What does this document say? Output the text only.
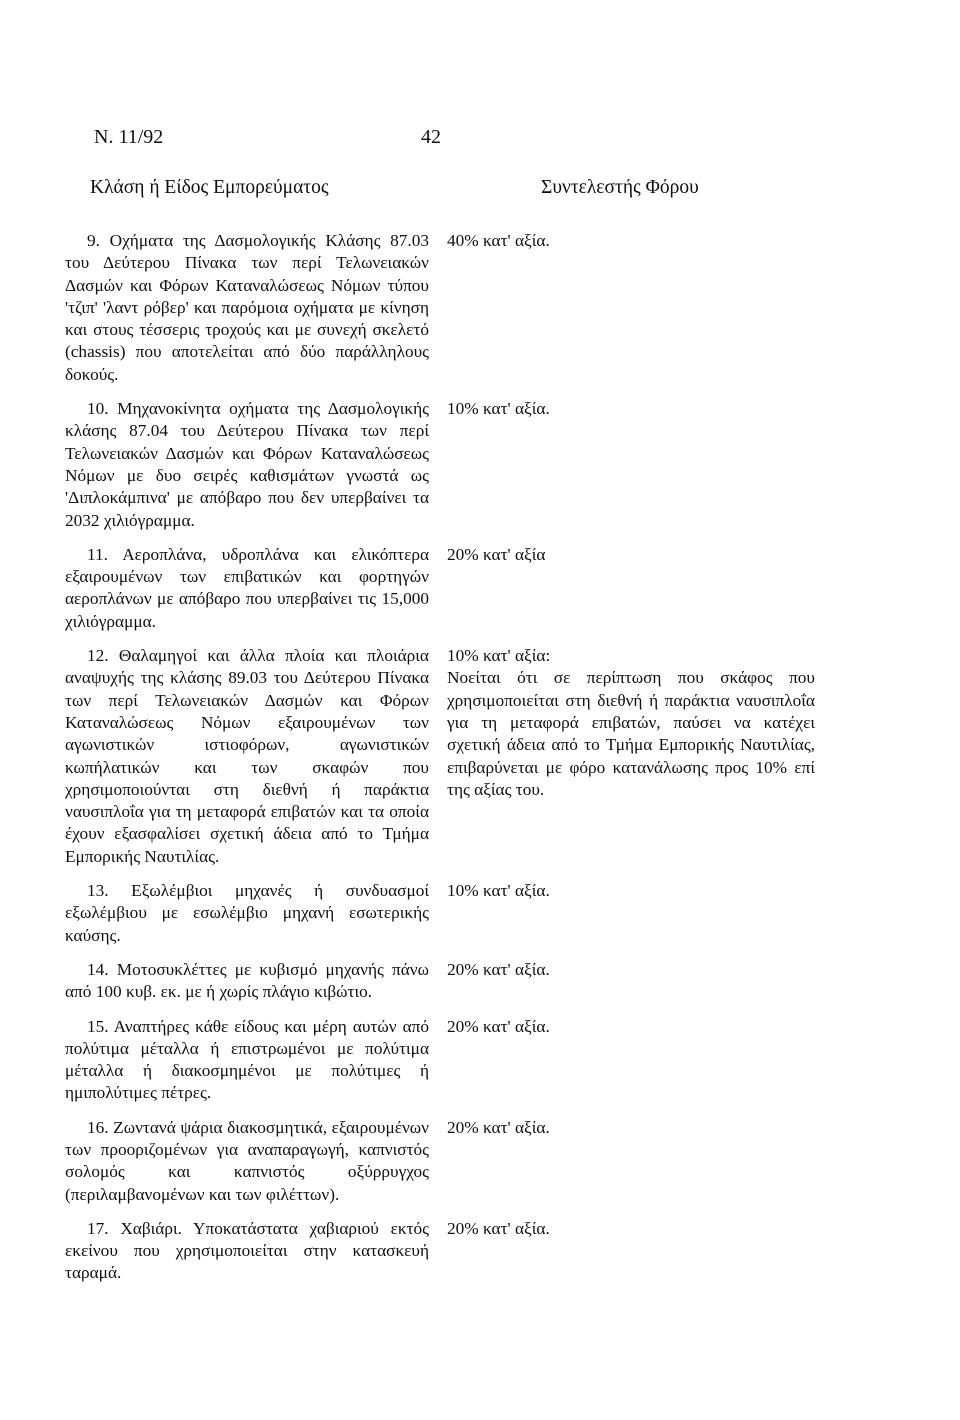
Ν. 11/92	42
Κλάση ή Είδος Εμπορεύματος	Συντελεστής Φόρου
9. Οχήματα της Δασμολογικής Κλάσης 87.03 του Δεύτερου Πίνακα των περί Τελωνειακών Δασμών και Φόρων Καταναλώσεως Νόμων τύπου 'τζιπ' 'λαντ ρόβερ' και παρόμοια οχήματα με κίνηση και στους τέσσερις τροχούς και με συνεχή σκελετό (chassis) που αποτελείται από δύο παράλληλους δοκούς.
40% κατ' αξία.
10. Μηχανοκίνητα οχήματα της Δασμολογικής κλάσης 87.04 του Δεύτερου Πίνακα των περί Τελωνειακών Δασμών και Φόρων Καταναλώσεως Νόμων με δυο σειρές καθισμάτων γνωστά ως 'Διπλοκάμπινα' με απόβαρο που δεν υπερβαίνει τα 2032 χιλιόγραμμα.
10% κατ' αξία.
11. Αεροπλάνα, υδροπλάνα και ελικόπτερα εξαιρουμένων των επιβατικών και φορτηγών αεροπλάνων με απόβαρο που υπερβαίνει τις 15,000 χιλιόγραμμα.
20% κατ' αξία
12. Θαλαμηγοί και άλλα πλοία και πλοιάρια αναψυχής της κλάσης 89.03 του Δεύτερου Πίνακα των περί Τελωνειακών Δασμών και Φόρων Καταναλώσεως Νόμων εξαιρουμένων των αγωνιστικών ιστιοφόρων, αγωνιστικών κωπήλατικών και των σκαφών που χρησιμοποιούνται στη διεθνή ή παράκτια ναυσιπλοΐα για τη μεταφορά επιβατών και τα οποία έχουν εξασφαλίσει σχετική άδεια από το Τμήμα Εμπορικής Ναυτιλίας.
10% κατ' αξία:
Νοείται ότι σε περίπτωση που σκάφος που χρησιμοποιείται στη διεθνή ή παράκτια ναυσιπλοΐα για τη μεταφορά επιβατών, παύσει να κατέχει σχετική άδεια από το Τμήμα Εμπορικής Ναυτιλίας, επιβαρύνεται με φόρο κατανάλωσης προς 10% επί της αξίας του.
13. Εξωλέμβιοι μηχανές ή συνδυασμοί εξωλέμβιου με εσωλέμβιο μηχανή εσωτερικής καύσης.
10% κατ' αξία.
14. Μοτοσυκλέττες με κυβισμό μηχανής πάνω από 100 κυβ. εκ. με ή χωρίς πλάγιο κιβώτιο.
20% κατ' αξία.
15. Αναπτήρες κάθε είδους και μέρη αυτών από πολύτιμα μέταλλα ή επιστρωμένοι με πολύτιμα μέταλλα ή διακοσμημένοι με πολύτιμες ή ημιπολύτιμες πέτρες.
20% κατ' αξία.
16. Ζωντανά ψάρια διακοσμητικά, εξαιρουμένων των προοριζομένων για αναπαραγωγή, καπνιστός σολομός και καπνιστός οξύρρυγχος (περιλαμβανομένων και των φιλέττων).
20% κατ' αξία.
17. Χαβιάρι. Υποκατάστατα χαβιαριού εκτός εκείνου που χρησιμοποιείται στην κατασκευή ταραμά.
20% κατ' αξία.
